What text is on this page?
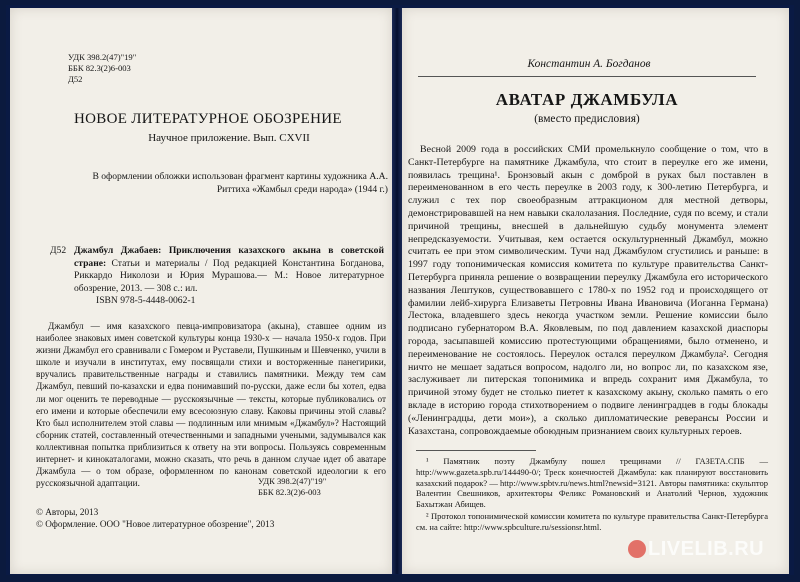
УДК 398.2(47)"19"
ББК 82.3(2)6-003
Д52
НОВОЕ ЛИТЕРАТУРНОЕ ОБОЗРЕНИЕ
Научное приложение. Вып. CXVII
В оформлении обложки использован фрагмент картины художника А.А. Риттиха «Жамбыл среди народа» (1944 г.)
Д52 Джамбул Джабаев: Приключения казахского акына в советской стране: Статьи и материалы / Под редакцией Константина Богданова, Риккардо Николози и Юрия Мурашова.— М.: Новое литературное обозрение, 2013. — 308 с.: ил.
ISBN 978-5-4448-0062-1

Джамбул — имя казахского певца-импровизатора (акына), ставшее одним из наиболее знаковых имен советской культуры конца 1930-х — начала 1950-х годов. При жизни Джамбул его сравнивали с Гомером и Руставели, Пушкиным и Шевченко, учили в школе и изучали в институтах, ему посвящали стихи и восторженные панегирики, вручались правительственные награды и ставились памятники. Между тем сам Джамбул, певший по-казахски и едва понимавший по-русски, даже если бы хотел, едва ли мог оценить те переводные — русскоязычные — тексты, которые публиковались от его имени и которые обеспечили ему всесоюзную славу. Каковы причины этой славы? Кто был исполнителем этой славы — подлинным или мнимым «Джамбул»? Настоящий сборник статей, составленный отечественными и западными учеными, задумывался как коллективная попытка приблизиться к ответу на эти вопросы. Пользуясь современным интернет- и кинокаталогами, можно сказать, что речь в данном случае идет об аватаре Джамбула — о том образе, оформленном по канонам советской идеологии к его русскоязычной адаптации.	УДК 398.2(47)"19"
ББК 82.3(2)6-003
© Авторы, 2013
© Оформление. ООО "Новое литературное обозрение", 2013
Константин А. Богданов
АВАТАР ДЖАМБУЛА
(вместо предисловия)

Весной 2009 года в российских СМИ промелькнуло сообщение о том, что в Санкт-Петербурге на памятнике Джамбула, что стоит в переулке его же имени, появилась трещина¹. Бронзовый акын с домброй в руках был поставлен в переименованном в его честь переулке в 2003 году, к 300-летию Петербурга, и служил с тех пор своеобразным аттракционом для местной детворы, демонстрировавшей на нем навыки скалолазания. Последние, судя по всему, и стали причиной трещины, внесшей в дальнейшую судьбу монумента элемент непредсказуемости. Учитывая, кем остается оскультурненный Джамбул, можно считать ее при этом символическим. Тучи над Джамбулом сгустились и раньше: в 1997 году топонимическая комиссия комитета по культуре правительства Санкт-Петербурга приняла решение о возвращении переулку Джамбула его исторического названия Лештуков, существовавшего с 1780-х по 1952 год и происходящего от фамилии лейб-хирурга Елизаветы Петровны Ивана Ивановича (Иоганна Германа) Лестока, владевшего здесь некогда участком земли. Решение комиссии было подписано губернатором В.А. Яковлевым, по под давлением казахской диаспоры города, засыпавшей комиссию протестующими обращениями, было отменено, и переименование не состоялось. Переулок остался переулком Джамбула². Сегодня ничто не мешает задаться вопросом, надолго ли, но вопрос ли, по казахском язе, заслуживает ли питерская топонимика и впредь сохранит имя Джамбула, то причиной этому будет не столько пиетет к казахскому акыну, сколько память о его вкладе в историю города стихотворением о подвиге ленинградцев в годы блокады («Ленинградцы, дети мои»), а сколько дипломатические реверансы России и Казахстана, сопровождаемые обоюдным признанием своих культурных героев.

¹ Памятник поэту Джамбулу пошел трещинами // ГАЗЕТА.СПБ — http://www.gazeta.spb.ru/144490-0/; Треск конечностей Джамбула: как планируют восстановить казахский подарок? — http://www.spbtv.ru/news.html?newsid=3121. Авторы памятника: скульптор Валентин Свешников, архитекторы Феликс Романовский и Анатолий Чернов, художник Бахытжан Абищев.

² Протокол топонимической комиссии комитета по культуре правительства Санкт-Петербурга см. на сайте: http://www.spbculture.ru/sessionsr.html.

LIVELIB.RU
